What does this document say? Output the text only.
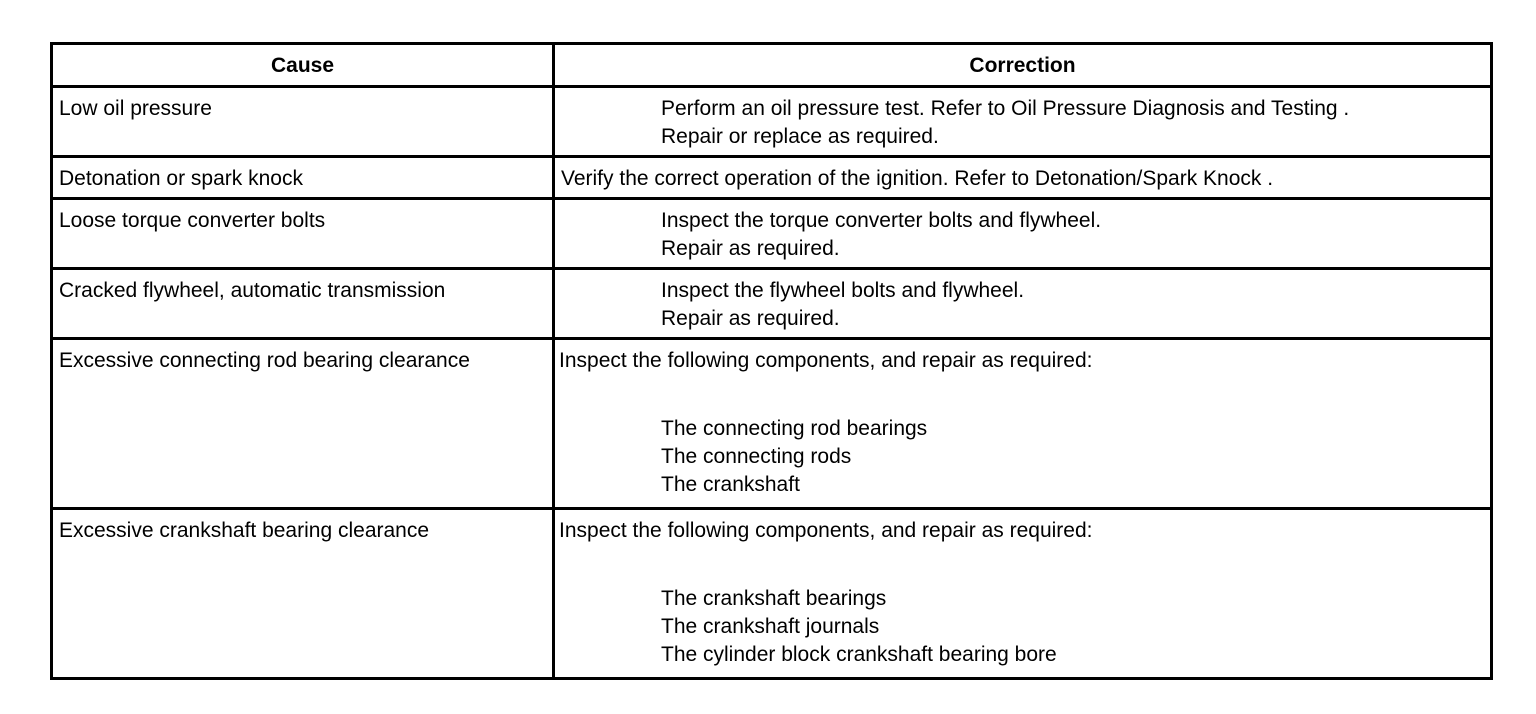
Cause	Correction
Low oil pressure	Perform an oil pressure test. Refer to Oil Pressure Diagnosis and Testing .
Repair or replace as required.

Detonation or spark knock	Verify the correct operation of the ignition. Refer to Detonation/Spark Knock .

Loose torque converter bolts	Inspect the torque converter bolts and flywheel.
Repair as required.

Cracked flywheel, automatic transmission	Inspect the flywheel bolts and flywheel.
Repair as required.

Excessive connecting rod bearing clearance	Inspect the following components, and repair as required:
The connecting rod bearings
The connecting rods
The crankshaft

Excessive crankshaft bearing clearance	Inspect the following components, and repair as required:
The crankshaft bearings
The crankshaft journals
The cylinder block crankshaft bearing bore
